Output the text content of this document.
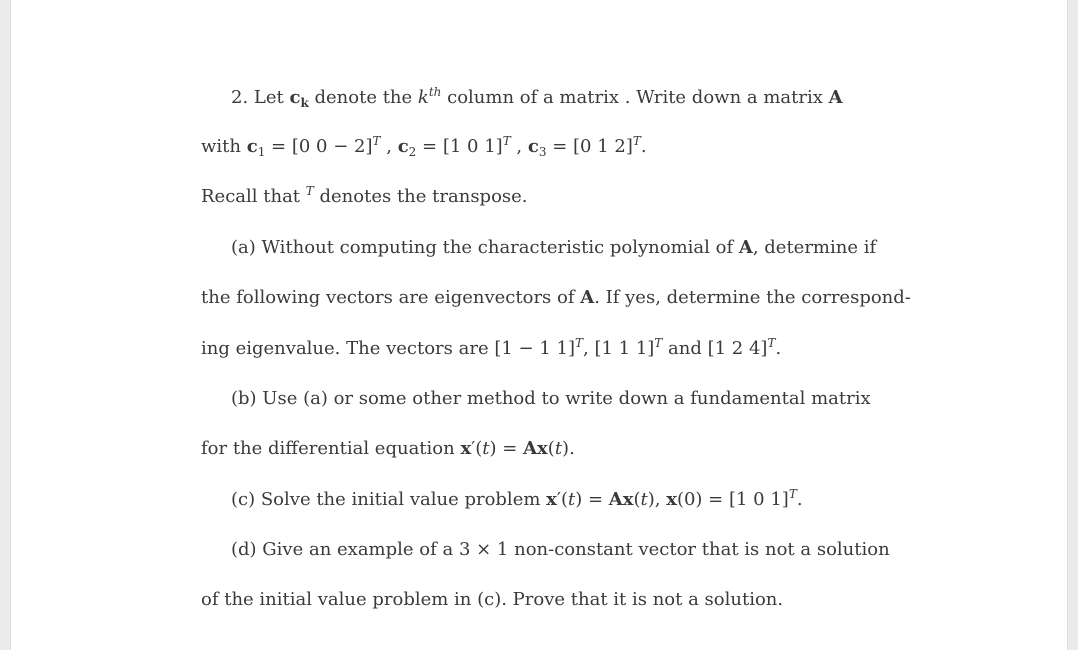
2. Let $c_k$ denote the $k^{th}$ column of a matrix . Write down a matrix A
with $c_1 = [0$ 0 − 2]$^T$ , $c_2 = [1$ 0 1]$^T$ , $c_3 = [0$ 1 2]$^T$.
Recall that $^T$ denotes the transpose.
(a) Without computing the characteristic polynomial of A, determine if
the following vectors are eigenvectors of A. If yes, determine the correspond-
ing eigenvalue. The vectors are [1 − 1 1]$^T$, [1 1 1]$^T$ and [1 2 4]$^T$.
(b) Use (a) or some other method to write down a fundamental matrix
for the differential equation x′(t) = Ax(t).
(c) Solve the initial value problem x′(t) = Ax(t), x(0) = [1 0 1]$^T$.
(d) Give an example of a 3 × 1 non-constant vector that is not a solution
of the initial value problem in (c). Prove that it is not a solution.
